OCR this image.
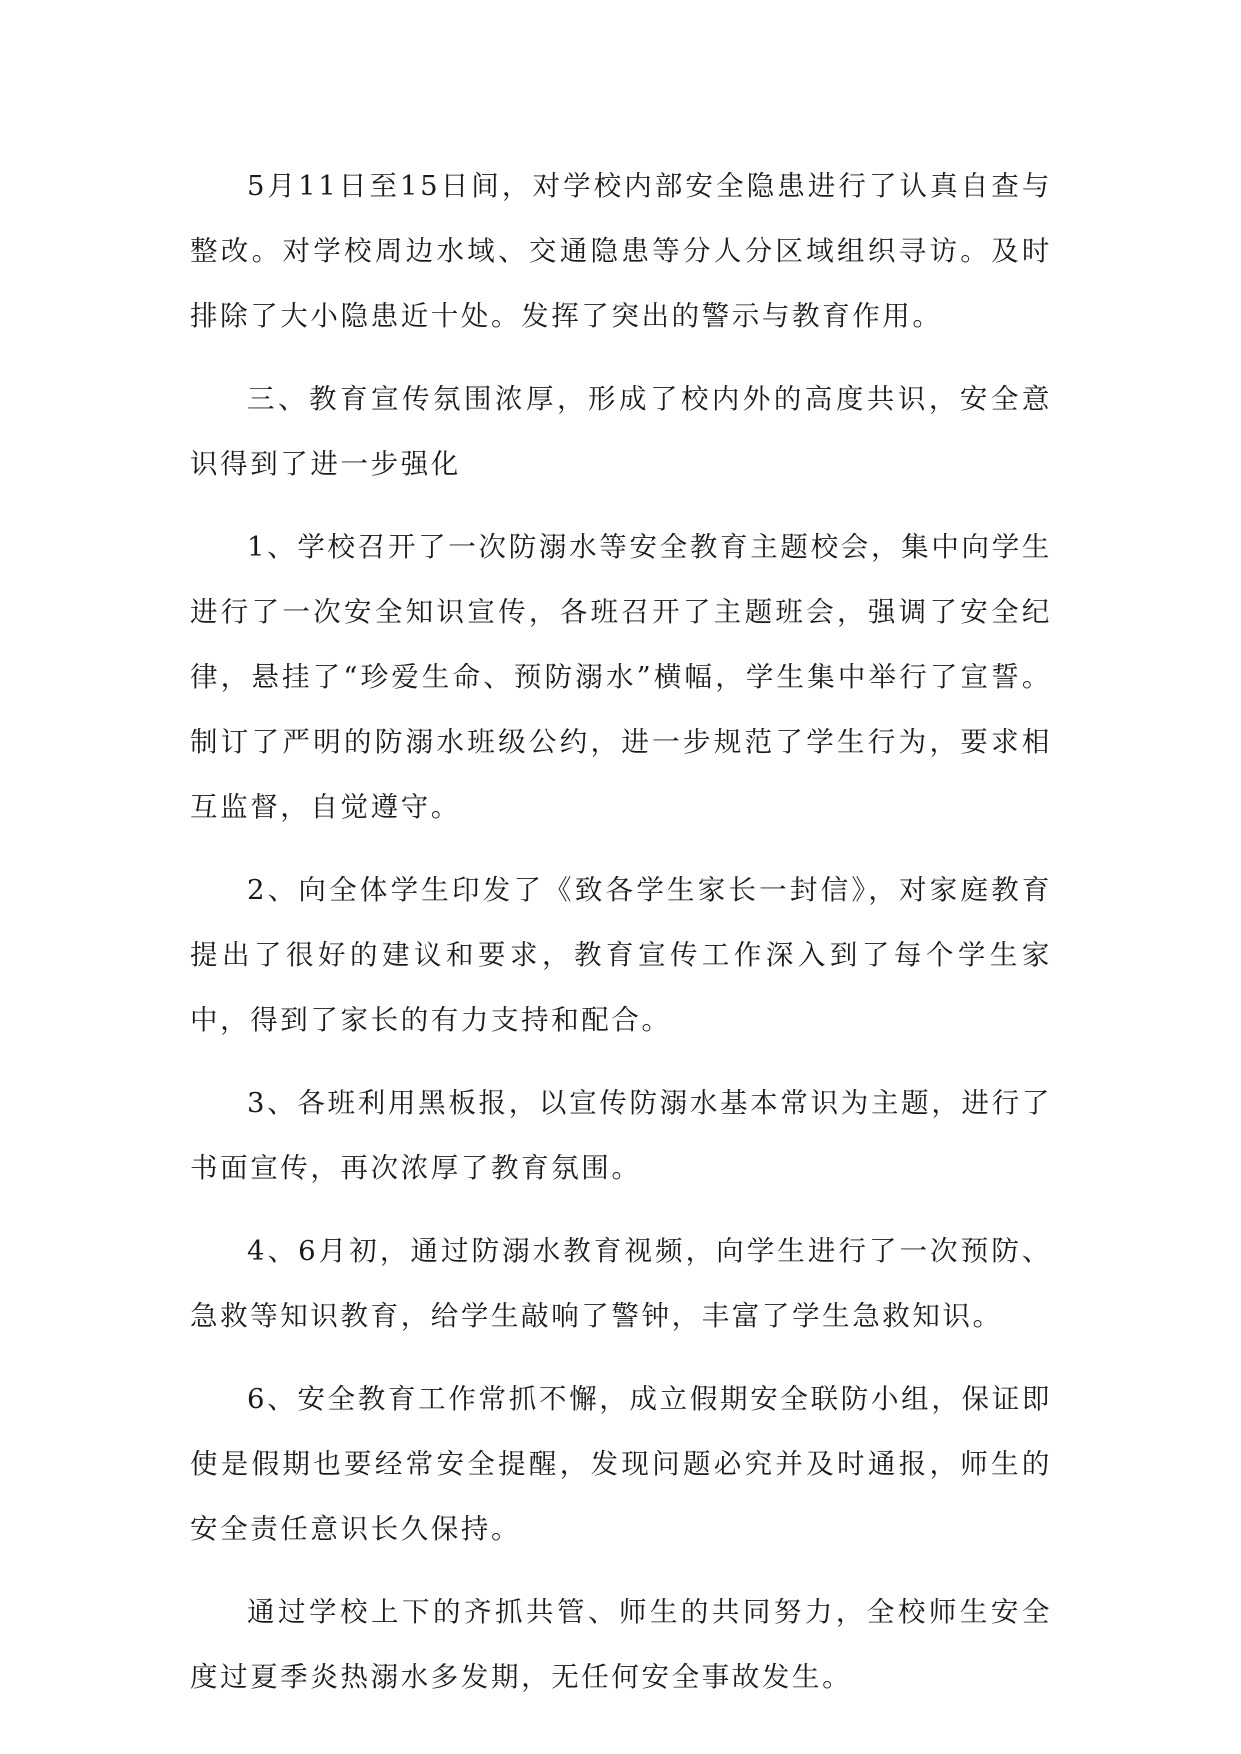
5月11日至15日间，对学校内部安全隐患进行了认真自查与整改。对学校周边水域、交通隐患等分人分区域组织寻访。及时排除了大小隐患近十处。发挥了突出的警示与教育作用。

三、教育宣传氛围浓厚，形成了校内外的高度共识，安全意识得到了进一步强化

1、学校召开了一次防溺水等安全教育主题校会，集中向学生进行了一次安全知识宣传，各班召开了主题班会，强调了安全纪律，悬挂了“珍爱生命、预防溺水”横幅，学生集中举行了宣誓。制订了严明的防溺水班级公约，进一步规范了学生行为，要求相互监督，自觉遵守。

2、向全体学生印发了《致各学生家长一封信》，对家庭教育提出了很好的建议和要求，教育宣传工作深入到了每个学生家中，得到了家长的有力支持和配合。

3、各班利用黑板报，以宣传防溺水基本常识为主题，进行了书面宣传，再次浓厚了教育氛围。

4、6月初，通过防溺水教育视频，向学生进行了一次预防、急救等知识教育，给学生敲响了警钟，丰富了学生急救知识。

6、安全教育工作常抓不懈，成立假期安全联防小组，保证即使是假期也要经常安全提醒，发现问题必究并及时通报，师生的安全责任意识长久保持。

通过学校上下的齐抓共管、师生的共同努力，全校师生安全度过夏季炎热溺水多发期，无任何安全事故发生。
